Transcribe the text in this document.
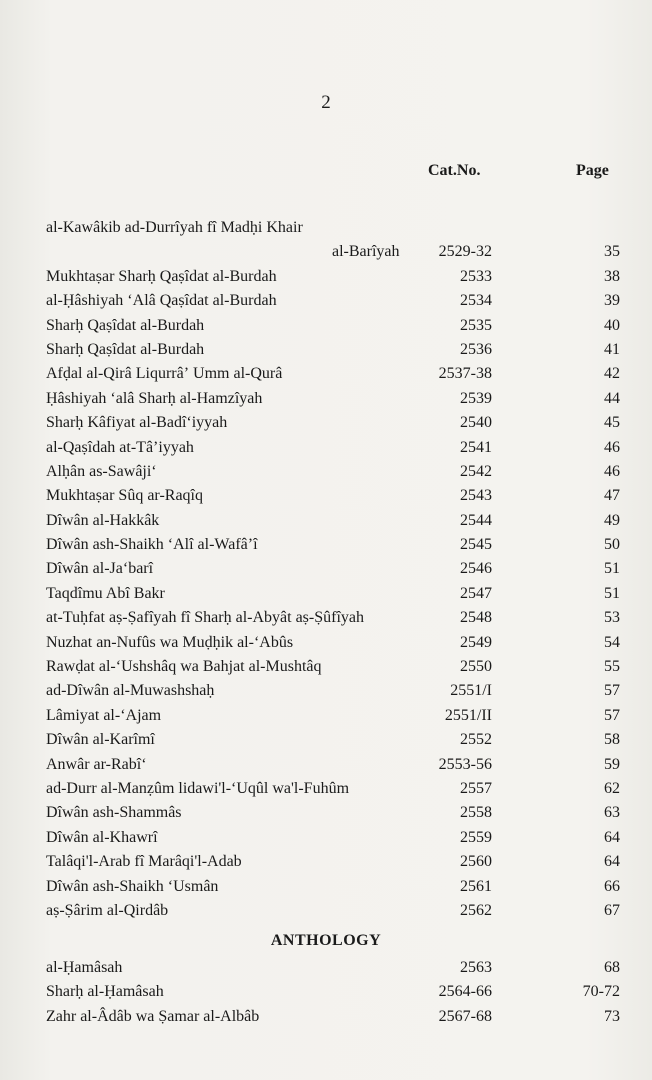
2
Cat.No.	Page
al-Kawâkib ad-Durrîyah fî Madḥi Khair
al-Barîyah 2529-32	35
Mukhtaṣar Sharḥ Qaṣîdat al-Burdah	2533	38
al-Ḥâshiyah ʻAlâ Qaṣîdat al-Burdah	2534	39
Sharḥ Qaṣîdat al-Burdah	2535	40
Sharḥ Qaṣîdat al-Burdah	2536	41
Afḍal al-Qirâ Liqurrâʼ Umm al-Qurâ	2537-38	42
Ḥâshiyah ʻalâ Sharḥ al-Hamzîyah	2539	44
Sharḥ Kâfiyat al-Badîʻiyyah	2540	45
al-Qaṣîdah at-Tâʼiyyah	2541	46
Alḥân as-Sawâjiʻ	2542	46
Mukhtaṣar Sûq ar-Raqîq	2543	47
Dîwân al-Hakkâk	2544	49
Dîwân ash-Shaikh ʻAlî al-Wafâʼî	2545	50
Dîwân al-Jaʻbarî	2546	51
Taqdîmu Abî Bakr	2547	51
at-Tuḥfat aṣ-Ṣafîyah fî Sharḥ al-Abyât aṣ-Ṣûfîyah	2548	53
Nuzhat an-Nufûs wa Muḍḥik al-ʻAbûs	2549	54
Rawḍat al-ʻUshshâq wa Bahjat al-Mushtâq	2550	55
ad-Dîwân al-Muwashshaḥ	2551/I	57
Lâmiyat al-ʻAjam	2551/II	57
Dîwân al-Karîmî	2552	58
Anwâr ar-Rabîʻ	2553-56	59
ad-Durr al-Manẓûm lidawi'l-ʻUqûl wa'l-Fuhûm	2557	62
Dîwân ash-Shammâs	2558	63
Dîwân al-Khawrî	2559	64
Talâqi'l-Arab fî Marâqi'l-Adab	2560	64
Dîwân ash-Shaikh ʻUsmân	2561	66
aṣ-Ṣârim al-Qirdâb	2562	67
ANTHOLOGY
al-Ḥamâsah	2563	68
Sharḥ al-Ḥamâsah	2564-66	70-72
Zahr al-Âdâb wa Ṣamar al-Albâb	2567-68	73
